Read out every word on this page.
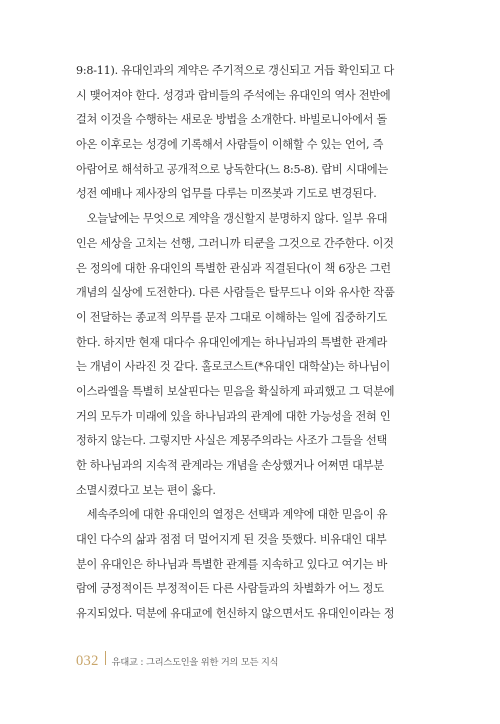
9:8-11). 유대인과의 계약은 주기적으로 갱신되고 거듭 확인되고 다
시 맺어져야 한다. 성경과 랍비들의 주석에는 유대인의 역사 전반에
걸쳐 이것을 수행하는 새로운 방법을 소개한다. 바빌로니아에서 돌
아온 이후로는 성경에 기록해서 사람들이 이해할 수 있는 언어, 즉
아람어로 해석하고 공개적으로 낭독한다(느 8:5-8). 랍비 시대에는
성전 예배나 제사장의 업무를 다루는 미쯔봇과 기도로 변경된다.
오늘날에는 무엇으로 계약을 갱신할지 분명하지 않다. 일부 유대
인은 세상을 고치는 선행, 그러니까 티쿤을 그것으로 간주한다. 이것
은 정의에 대한 유대인의 특별한 관심과 직결된다(이 책 6장은 그런
개념의 실상에 도전한다). 다른 사람들은 탈무드나 이와 유사한 작품
이 전달하는 종교적 의무를 문자 그대로 이해하는 일에 집중하기도
한다. 하지만 현재 대다수 유대인에게는 하나님과의 특별한 관계라
는 개념이 사라진 것 같다. 홀로코스트(*유대인 대학살)는 하나님이
이스라엘을 특별히 보살핀다는 믿음을 확실하게 파괴했고 그 덕분에
거의 모두가 미래에 있을 하나님과의 관계에 대한 가능성을 전혀 인
정하지 않는다. 그렇지만 사실은 계몽주의라는 사조가 그들을 선택
한 하나님과의 지속적 관계라는 개념을 손상했거나 어쩌면 대부분
소멸시켰다고 보는 편이 옳다.
세속주의에 대한 유대인의 열정은 선택과 계약에 대한 믿음이 유
대인 다수의 삶과 점점 더 멀어지게 된 것을 뜻했다. 비유대인 대부
분이 유대인은 하나님과 특별한 관계를 지속하고 있다고 여기는 바
람에 긍정적이든 부정적이든 다른 사람들과의 차별화가 어느 정도
유지되었다. 덕분에 유대교에 헌신하지 않으면서도 유대인이라는 정
032 유대교 : 그리스도인을 위한 거의 모든 지식
